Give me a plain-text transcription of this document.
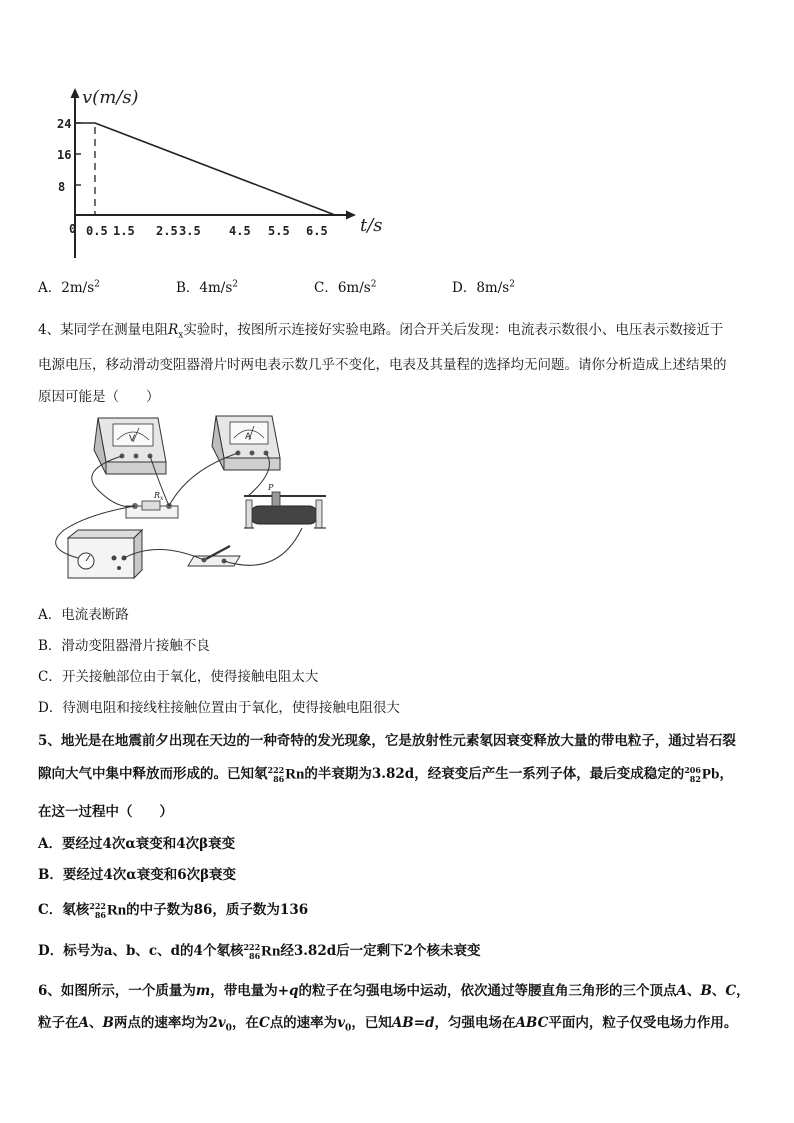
v(m/s)
t/s
24
16
8
0 0.5 1.5 2.5 3.5 4.5 5.5 6.5
A．$2m/s^2$	B．$4m/s^2$	C．$6m/s^2$	D．$8m/s^2$
4、某同学在测量电阻$R_x$实验时，按图所示连接好实验电路。闭合开关后发现：电流表示数很小、电压表示数接近于
电源电压，移动滑动变阻器滑片时两电表示数几乎不变化，电表及其量程的选择均无问题。请你分析造成上述结果的
原因可能是（　　）
V	A
$R_x$
P
A．电流表断路
B．滑动变阻器滑片接触不良
C．开关接触部位由于氧化，使得接触电阻太大
D．待测电阻和接线柱接触位置由于氧化，使得接触电阻很大
5、地光是在地震前夕出现在天边的一种奇特的发光现象，它是放射性元素氡因衰变释放大量的带电粒子，通过岩石裂
隙向大气中集中释放而形成的。已知氡 222
86 Rn的半衰期为3.82d，经衰变后产生一系列子体，最后变成稳定的 206
82 Pb，
在这一过程中（　　）
A．要经过4次α衰变和4次β衰变
B．要经过4次α衰变和6次β衰变
C．氡核 222
86 Rn的中子数为86，质子数为136
D．标号为a、b、c、d的4个氡核 222
86 Rn经3.82d后一定剩下2个核未衰变
6、如图所示，一个质量为m，带电量为+q的粒子在匀强电场中运动，依次通过等腰直角三角形的三个顶点A、B、C，
粒子在A、B两点的速率均为$2v_0$，在C点的速率为$v_0$，已知AB=d，匀强电场在ABC平面内，粒子仅受电场力作用。
